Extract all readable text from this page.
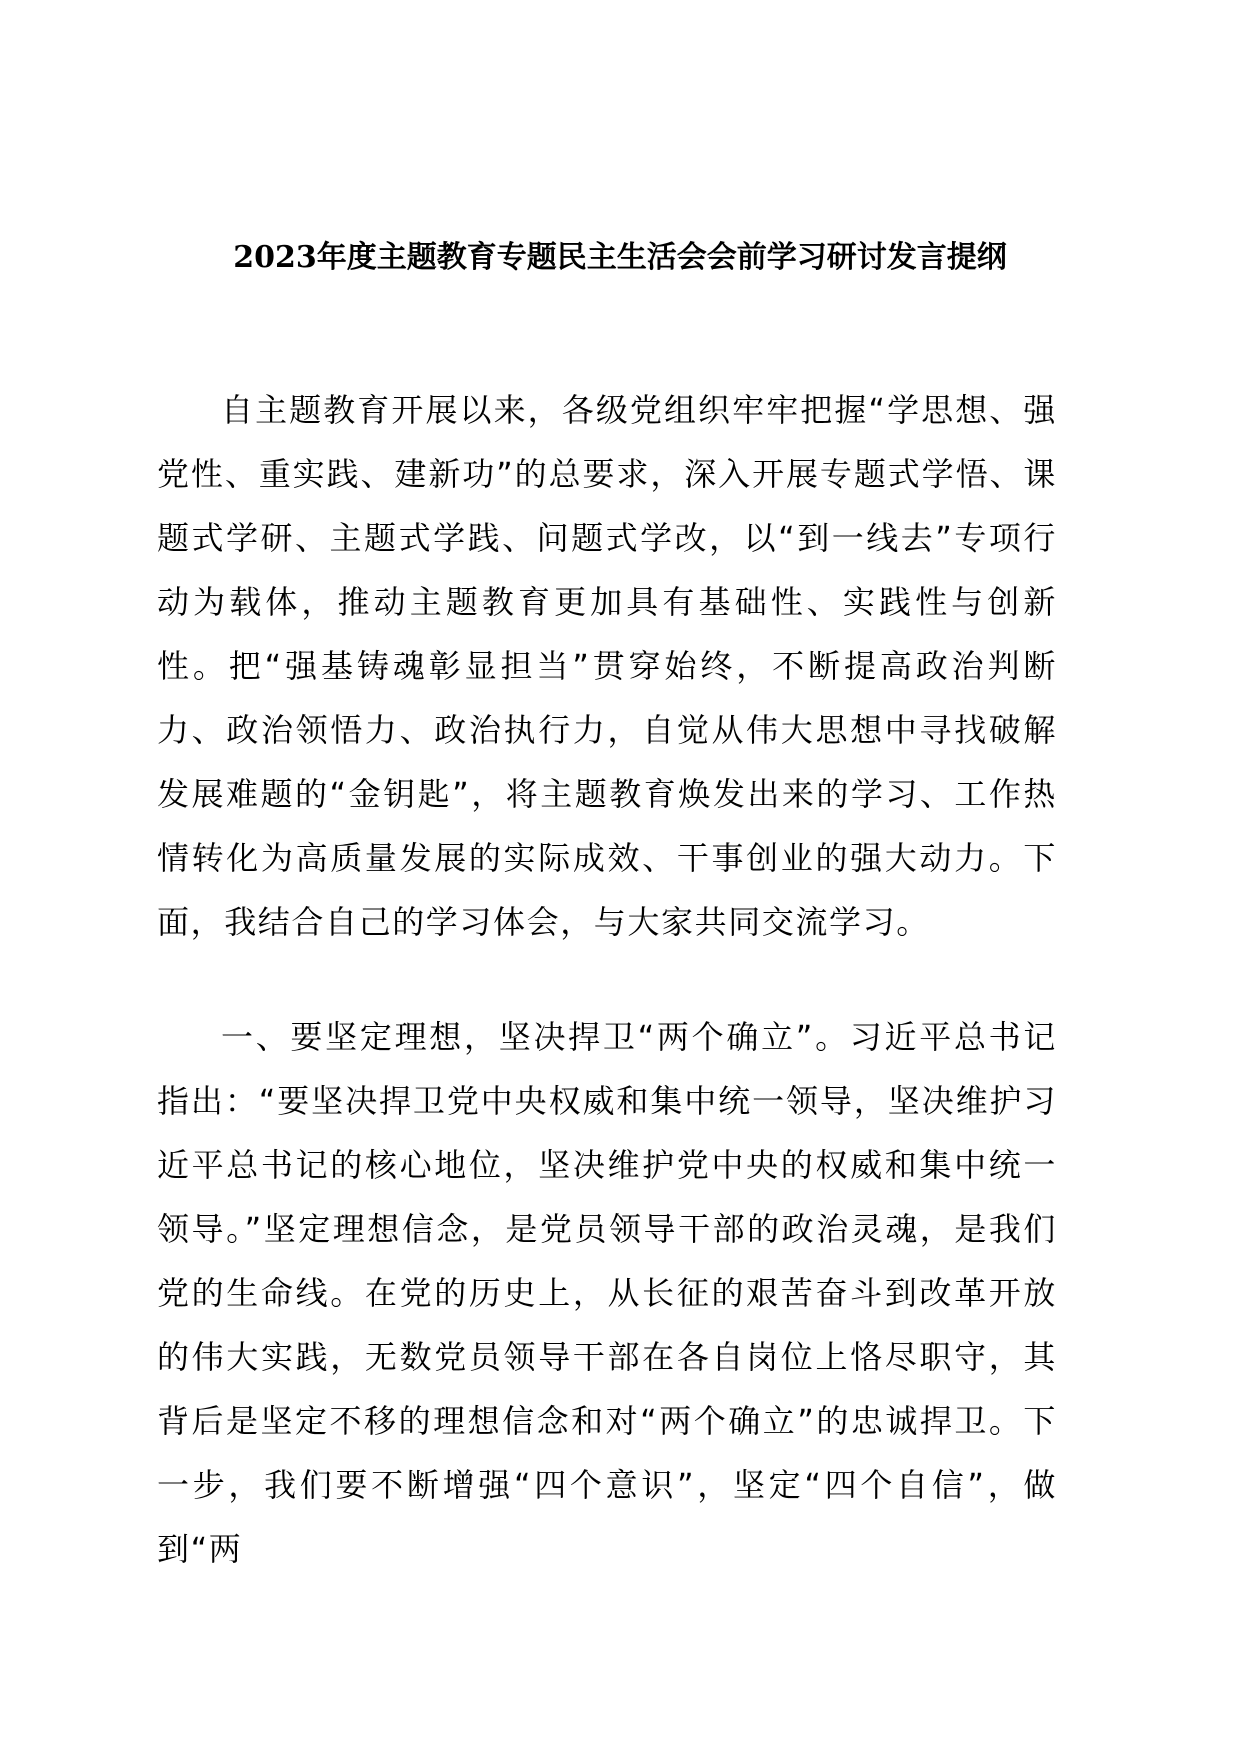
2023年度主题教育专题民主生活会会前学习研讨发言提纲

自主题教育开展以来，各级党组织牢牢把握“学思想、强党性、重实践、建新功”的总要求，深入开展专题式学悟、课题式学研、主题式学践、问题式学改，以“到一线去”专项行动为载体，推动主题教育更加具有基础性、实践性与创新性。把“强基铸魂彰显担当”贯穿始终，不断提高政治判断力、政治领悟力、政治执行力，自觉从伟大思想中寻找破解发展难题的“金钥匙”，将主题教育焕发出来的学习、工作热情转化为高质量发展的实际成效、干事创业的强大动力。下面，我结合自己的学习体会，与大家共同交流学习。

一、要坚定理想，坚决捍卫“两个确立”。习近平总书记指出：“要坚决捍卫党中央权威和集中统一领导，坚决维护习近平总书记的核心地位，坚决维护党中央的权威和集中统一领导。”坚定理想信念，是党员领导干部的政治灵魂，是我们党的生命线。在党的历史上，从长征的艰苦奋斗到改革开放的伟大实践，无数党员领导干部在各自岗位上恪尽职守，其背后是坚定不移的理想信念和对“两个确立”的忠诚捍卫。下一步，我们要不断增强“四个意识”，坚定“四个自信”，做到“两
